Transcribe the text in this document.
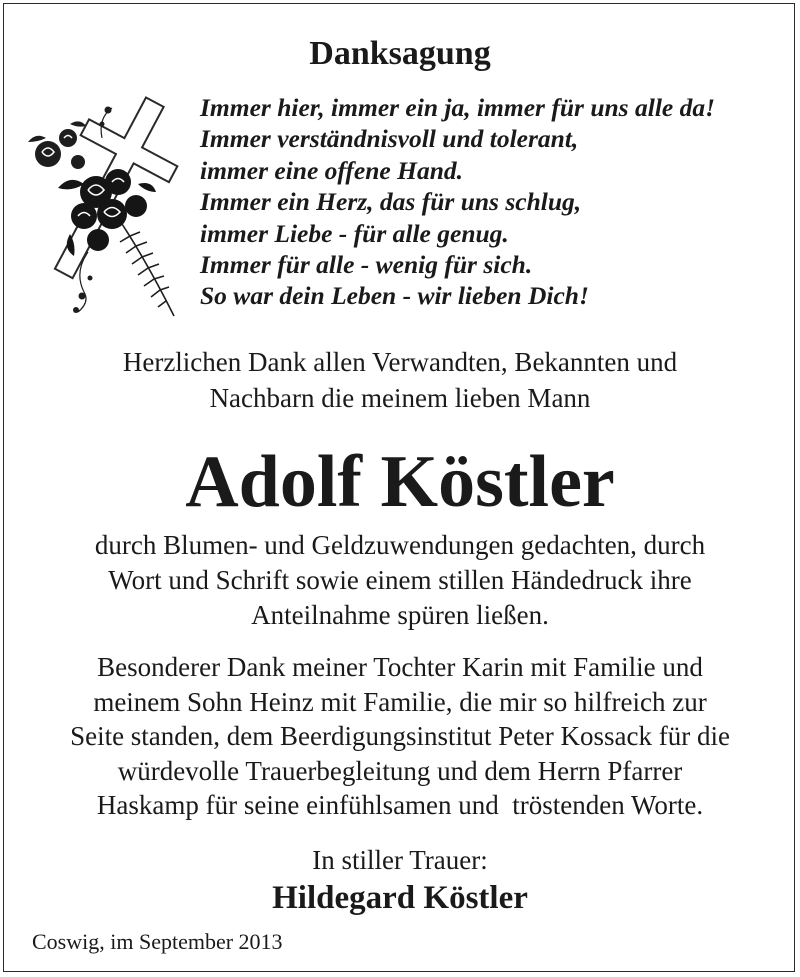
Danksagung
Immer hier, immer ein ja, immer für uns alle da!
Immer verständnisvoll und tolerant,
immer eine offene Hand.
Immer ein Herz, das für uns schlug,
immer Liebe - für alle genug.
Immer für alle - wenig für sich.
So war dein Leben - wir lieben Dich!
Herzlichen Dank allen Verwandten, Bekannten und
Nachbarn die meinem lieben Mann
Adolf Köstler
durch Blumen- und Geldzuwendungen gedachten, durch
Wort und Schrift sowie einem stillen Händedruck ihre
Anteilnahme spüren ließen.
Besonderer Dank meiner Tochter Karin mit Familie und
meinem Sohn Heinz mit Familie, die mir so hilfreich zur
Seite standen, dem Beerdigungsinstitut Peter Kossack für die
würdevolle Trauerbegleitung und dem Herrn Pfarrer
Haskamp für seine einfühlsamen und  tröstenden Worte.
In stiller Trauer:
Hildegard Köstler
Coswig, im September 2013
